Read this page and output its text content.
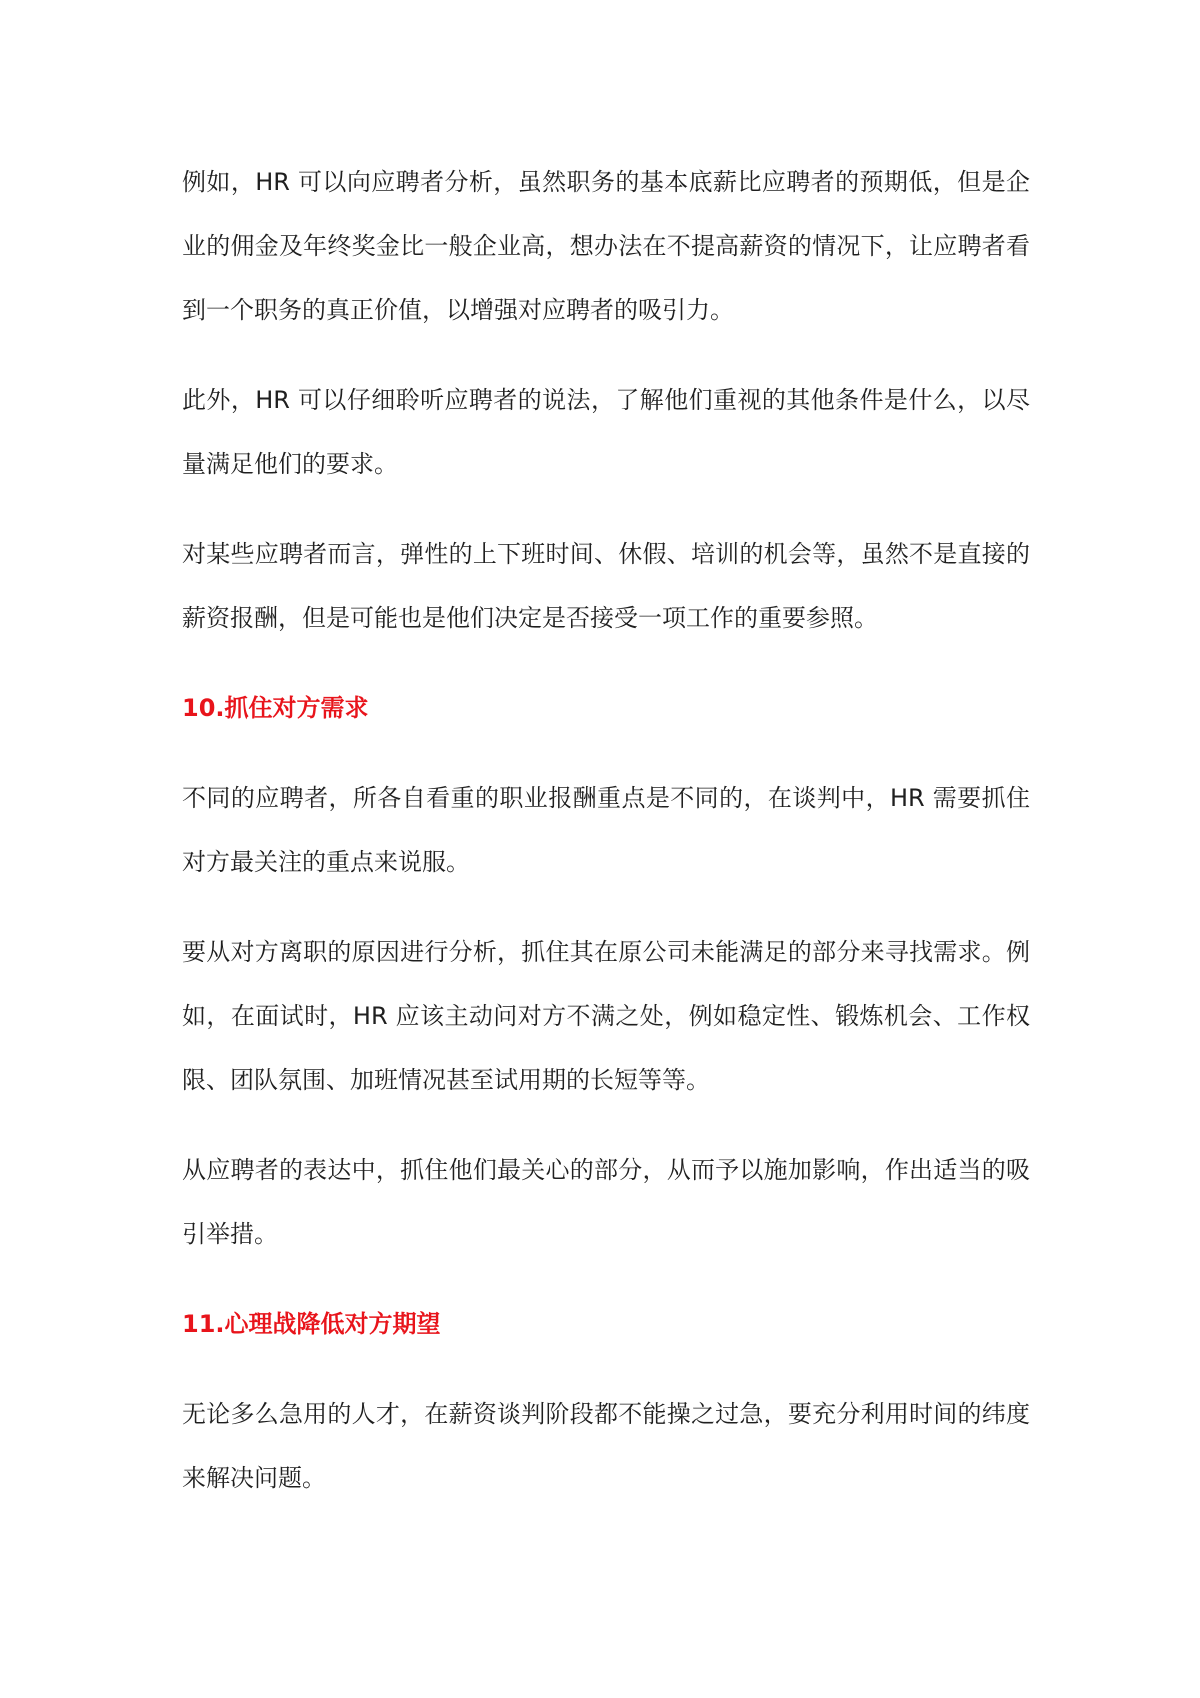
例如，HR 可以向应聘者分析，虽然职务的基本底薪比应聘者的预期低，但是企业的佣金及年终奖金比一般企业高，想办法在不提高薪资的情况下，让应聘者看到一个职务的真正价值，以增强对应聘者的吸引力。

此外，HR 可以仔细聆听应聘者的说法，了解他们重视的其他条件是什么，以尽量满足他们的要求。

对某些应聘者而言，弹性的上下班时间、休假、培训的机会等，虽然不是直接的薪资报酬，但是可能也是他们决定是否接受一项工作的重要参照。

10.抓住对方需求

不同的应聘者，所各自看重的职业报酬重点是不同的，在谈判中，HR 需要抓住对方最关注的重点来说服。

要从对方离职的原因进行分析，抓住其在原公司未能满足的部分来寻找需求。例如，在面试时，HR 应该主动问对方不满之处，例如稳定性、锻炼机会、工作权限、团队氛围、加班情况甚至试用期的长短等等。

从应聘者的表达中，抓住他们最关心的部分，从而予以施加影响，作出适当的吸引举措。

11.心理战降低对方期望

无论多么急用的人才，在薪资谈判阶段都不能操之过急，要充分利用时间的纬度来解决问题。
